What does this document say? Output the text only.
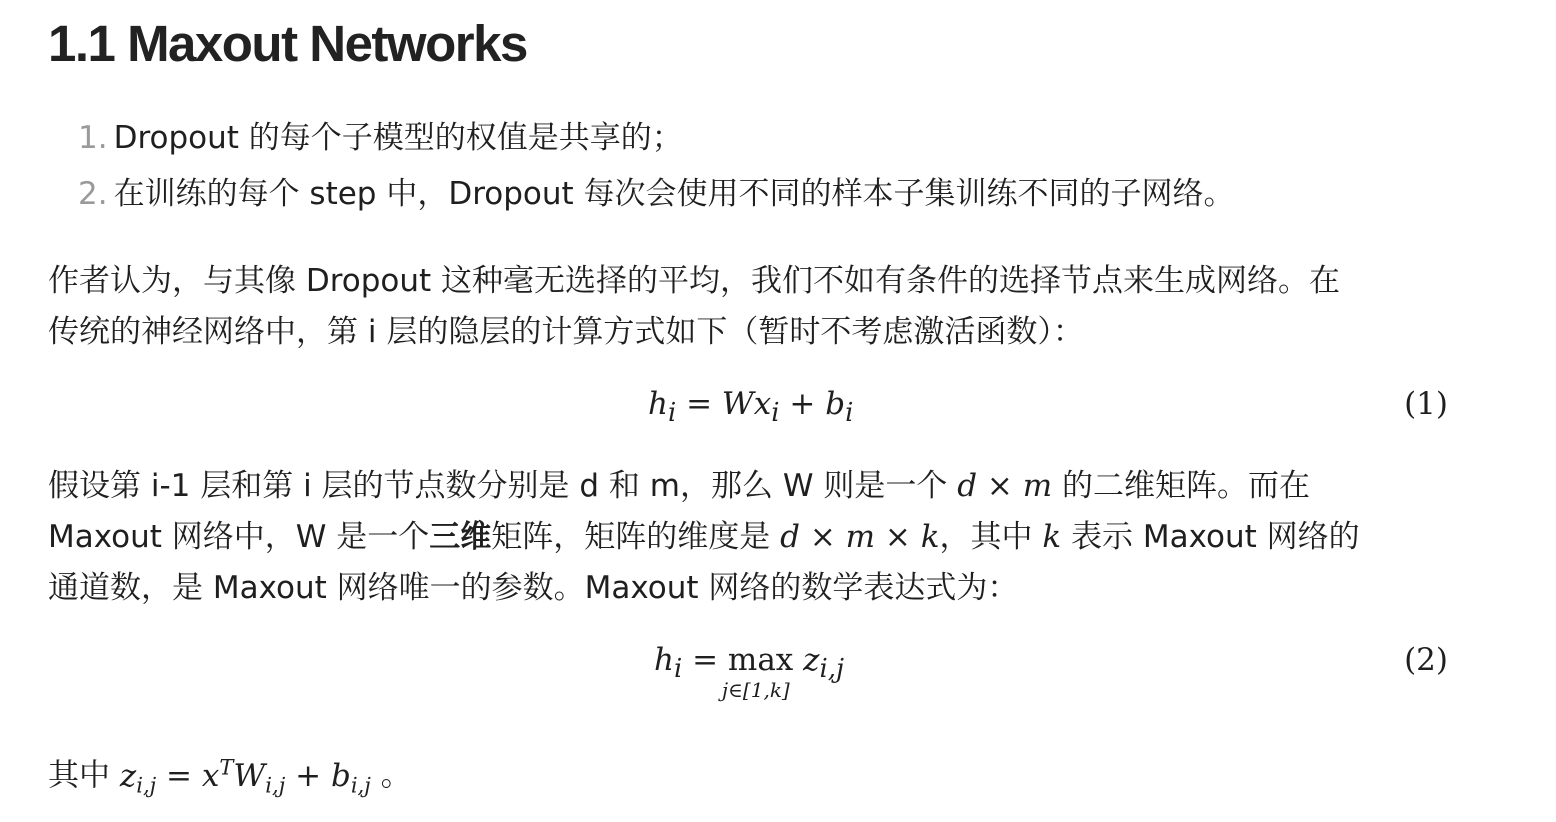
1.1 Maxout Networks
1. Dropout 的每个子模型的权值是共享的；
2. 在训练的每个 step 中，Dropout 每次会使用不同的样本子集训练不同的子网络。

作者认为，与其像 Dropout 这种毫无选择的平均，我们不如有条件的选择节点来生成网络。在
传统的神经网络中，第 i 层的隐层的计算方式如下（暂时不考虑激活函数）：

$h_i = Wx_i + b_i$	(1)

假设第 i-1 层和第 i 层的节点数分别是 d 和 m，那么 W 则是一个 d × m 的二维矩阵。而在
Maxout 网络中，W 是一个三维矩阵，矩阵的维度是 d × m × k，其中 k 表示 Maxout 网络的
通道数，是 Maxout 网络唯一的参数。Maxout 网络的数学表达式为：

$h_i = \max$
j∈[1,k]
$z_{i,j}$	(2)

其中 $z_{i,j} = x^TW_{i,j} + b_{i,j}$ 。
